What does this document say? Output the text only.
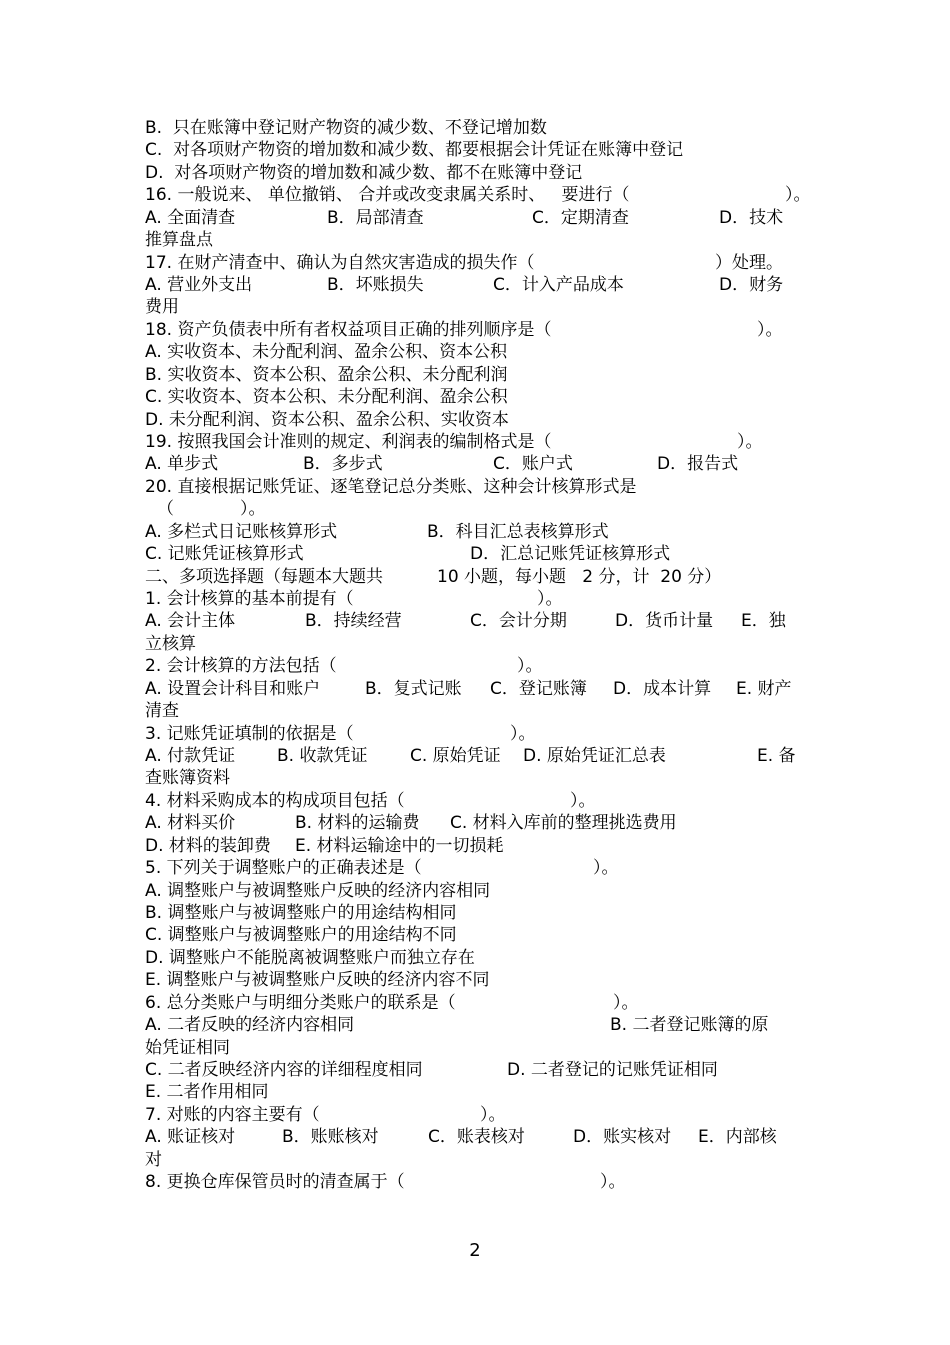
B.  只在账簿中登记财产物资的减少数、不登记增加数
C.  对各项财产物资的增加数和减少数、都要根据会计凭证在账簿中登记
D.  对各项财产物资的增加数和减少数、都不在账簿中登记
16. 一般说来、 单位撤销、 合并或改变隶属关系时、   要进行（	）。
A. 全面清查	B．局部清查	C．定期清查	D．技术
推算盘点
17. 在财产清查中、确认为自然灾害造成的损失作（	）处理。
A. 营业外支出	B．坏账损失	C．计入产品成本	D．财务
费用
18. 资产负债表中所有者权益项目正确的排列顺序是（	）。
A. 实收资本、未分配利润、盈余公积、资本公积
B. 实收资本、资本公积、盈余公积、未分配利润
C. 实收资本、资本公积、未分配利润、盈余公积
D. 未分配利润、资本公积、盈余公积、实收资本
19. 按照我国会计准则的规定、利润表的编制格式是（	）。
A. 单步式	B．多步式	C．账户式	D．报告式
20. 直接根据记账凭证、逐笔登记总分类账、这种会计核算形式是
（	）。
A. 多栏式日记账核算形式	B．科目汇总表核算形式
C. 记账凭证核算形式	D．汇总记账凭证核算形式
二、多项选择题（每题本大题共	10 小题，每小题   2 分，计  20 分）
1. 会计核算的基本前提有（	）。
A. 会计主体	B．持续经营	C．会计分期	D．货币计量 E．独
立核算
2. 会计核算的方法包括（	）。
A. 设置会计科目和账户	B．复式记账 C．登记账簿 D．成本计算 E. 财产
清查
3. 记账凭证填制的依据是（	）。
A. 付款凭证 B. 收款凭证	C. 原始凭证 D. 原始凭证汇总表	E. 备
查账簿资料
4. 材料采购成本的构成项目包括（	）。
A. 材料买价	B. 材料的运输费 C. 材料入库前的整理挑选费用
D. 材料的装卸费 E. 材料运输途中的一切损耗
5. 下列关于调整账户的正确表述是（	）。
A. 调整账户与被调整账户反映的经济内容相同
B. 调整账户与被调整账户的用途结构相同
C. 调整账户与被调整账户的用途结构不同
D. 调整账户不能脱离被调整账户而独立存在
E. 调整账户与被调整账户反映的经济内容不同
6. 总分类账户与明细分类账户的联系是（	）。
A. 二者反映的经济内容相同	B. 二者登记账簿的原
始凭证相同
C. 二者反映经济内容的详细程度相同	D. 二者登记的记账凭证相同
E. 二者作用相同
7. 对账的内容主要有（	）。
A. 账证核对	B．账账核对	C．账表核对	D．账实核对 E．内部核
对
8. 更换仓库保管员时的清查属于（	）。
2
